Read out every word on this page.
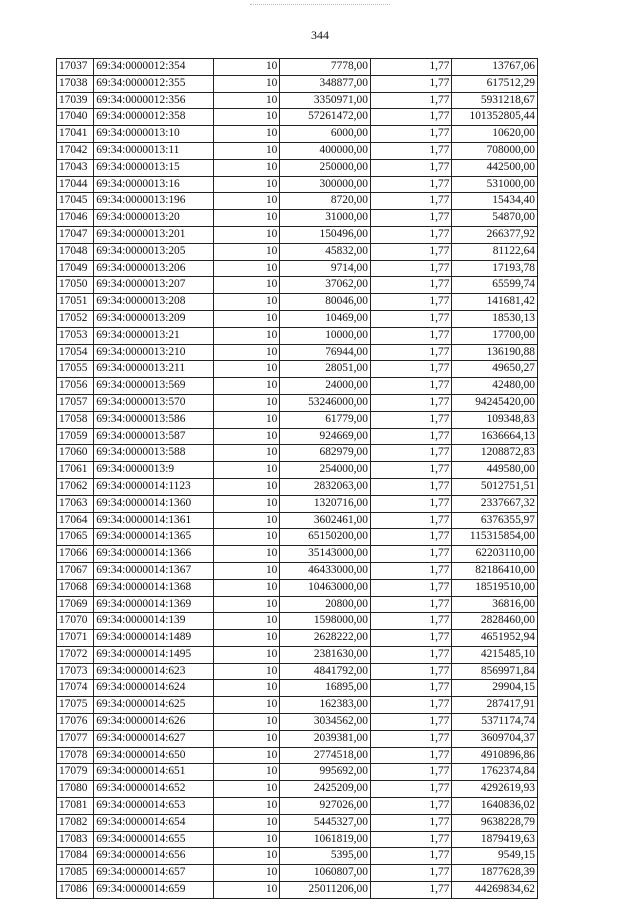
344
17037	69:34:0000012:354	10	7778,00	1,77	13767,06
17038	69:34:0000012:355	10	348877,00	1,77	617512,29
17039	69:34:0000012:356	10	3350971,00	1,77	5931218,67
17040	69:34:0000012:358	10	57261472,00	1,77	101352805,44
17041	69:34:0000013:10	10	6000,00	1,77	10620,00
17042	69:34:0000013:11	10	400000,00	1,77	708000,00
17043	69:34:0000013:15	10	250000,00	1,77	442500,00
17044	69:34:0000013:16	10	300000,00	1,77	531000,00
17045	69:34:0000013:196	10	8720,00	1,77	15434,40
17046	69:34:0000013:20	10	31000,00	1,77	54870,00
17047	69:34:0000013:201	10	150496,00	1,77	266377,92
17048	69:34:0000013:205	10	45832,00	1,77	81122,64
17049	69:34:0000013:206	10	9714,00	1,77	17193,78
17050	69:34:0000013:207	10	37062,00	1,77	65599,74
17051	69:34:0000013:208	10	80046,00	1,77	141681,42
17052	69:34:0000013:209	10	10469,00	1,77	18530,13
17053	69:34:0000013:21	10	10000,00	1,77	17700,00
17054	69:34:0000013:210	10	76944,00	1,77	136190,88
17055	69:34:0000013:211	10	28051,00	1,77	49650,27
17056	69:34:0000013:569	10	24000,00	1,77	42480,00
17057	69:34:0000013:570	10	53246000,00	1,77	94245420,00
17058	69:34:0000013:586	10	61779,00	1,77	109348,83
17059	69:34:0000013:587	10	924669,00	1,77	1636664,13
17060	69:34:0000013:588	10	682979,00	1,77	1208872,83
17061	69:34:0000013:9	10	254000,00	1,77	449580,00
17062	69:34:0000014:1123	10	2832063,00	1,77	5012751,51
17063	69:34:0000014:1360	10	1320716,00	1,77	2337667,32
17064	69:34:0000014:1361	10	3602461,00	1,77	6376355,97
17065	69:34:0000014:1365	10	65150200,00	1,77	115315854,00
17066	69:34:0000014:1366	10	35143000,00	1,77	62203110,00
17067	69:34:0000014:1367	10	46433000,00	1,77	82186410,00
17068	69:34:0000014:1368	10	10463000,00	1,77	18519510,00
17069	69:34:0000014:1369	10	20800,00	1,77	36816,00
17070	69:34:0000014:139	10	1598000,00	1,77	2828460,00
17071	69:34:0000014:1489	10	2628222,00	1,77	4651952,94
17072	69:34:0000014:1495	10	2381630,00	1,77	4215485,10
17073	69:34:0000014:623	10	4841792,00	1,77	8569971,84
17074	69:34:0000014:624	10	16895,00	1,77	29904,15
17075	69:34:0000014:625	10	162383,00	1,77	287417,91
17076	69:34:0000014:626	10	3034562,00	1,77	5371174,74
17077	69:34:0000014:627	10	2039381,00	1,77	3609704,37
17078	69:34:0000014:650	10	2774518,00	1,77	4910896,86
17079	69:34:0000014:651	10	995692,00	1,77	1762374,84
17080	69:34:0000014:652	10	2425209,00	1,77	4292619,93
17081	69:34:0000014:653	10	927026,00	1,77	1640836,02
17082	69:34:0000014:654	10	5445327,00	1,77	9638228,79
17083	69:34:0000014:655	10	1061819,00	1,77	1879419,63
17084	69:34:0000014:656	10	5395,00	1,77	9549,15
17085	69:34:0000014:657	10	1060807,00	1,77	1877628,39
17086	69:34:0000014:659	10	25011206,00	1,77	44269834,62
